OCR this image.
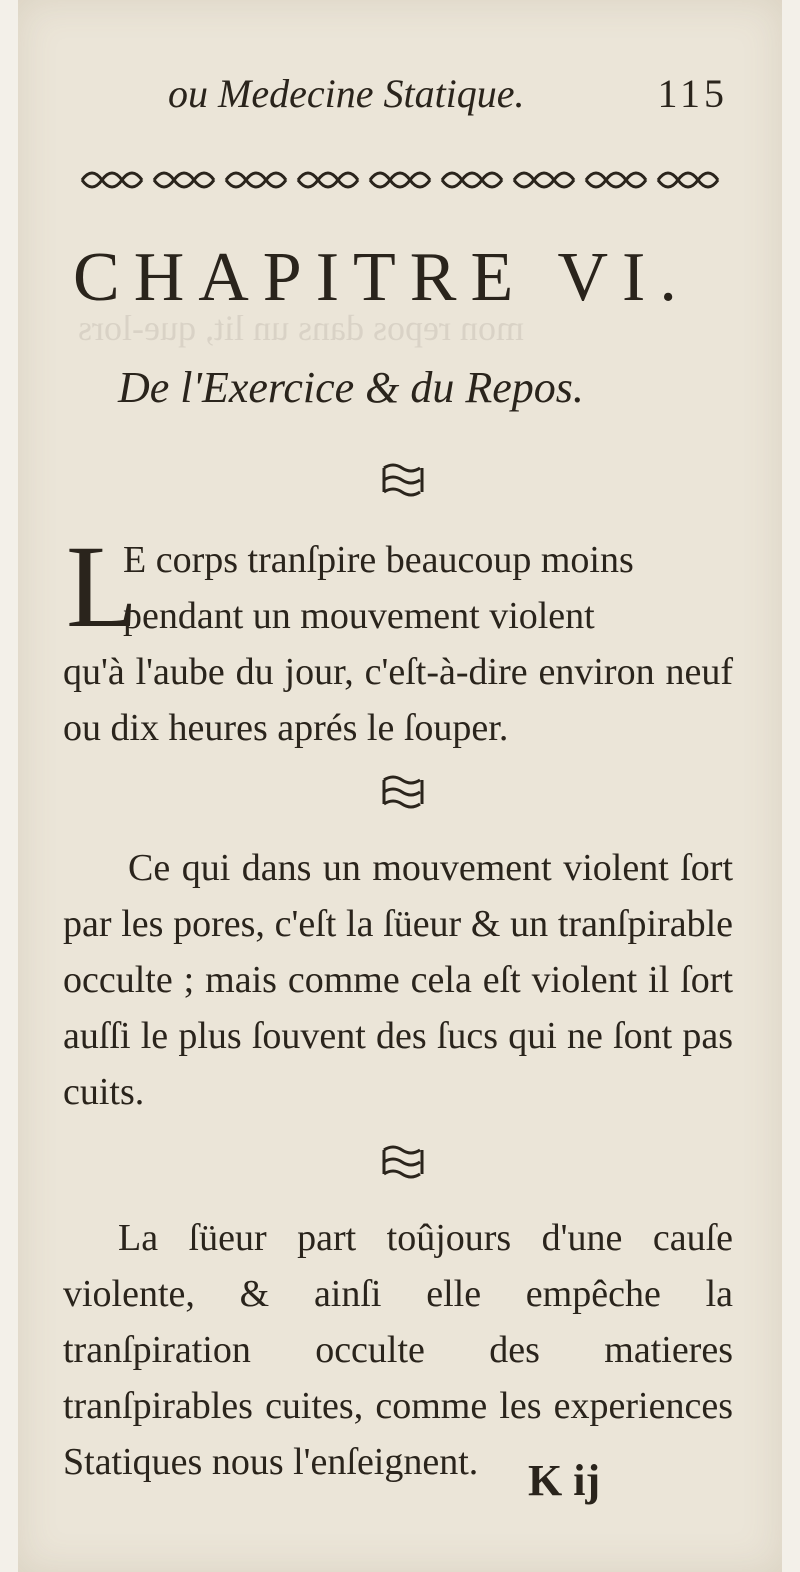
mon repos dans un lit, que-lors
ou Medecine Statique.	115
CHAPITRE VI.
De l'Exercice & du Repos.
L
E corps tranſpire beaucoup moins
pendant un mouvement violent
qu'à l'aube du jour, c'eſt-à-dire environ neuf ou dix heures aprés le ſouper.
Ce qui dans un mouvement violent ſort par les pores, c'eſt la ſüeur & un tranſpirable occulte ; mais comme cela eſt violent il ſort auſſi le plus ſouvent des ſucs qui ne ſont pas cuits.
La ſüeur part toûjours d'une cauſe violente, & ainſi elle empêche la tranſpiration occulte des matieres tranſpirables cuites, comme les experiences Statiques nous l'enſeignent.	K ij
